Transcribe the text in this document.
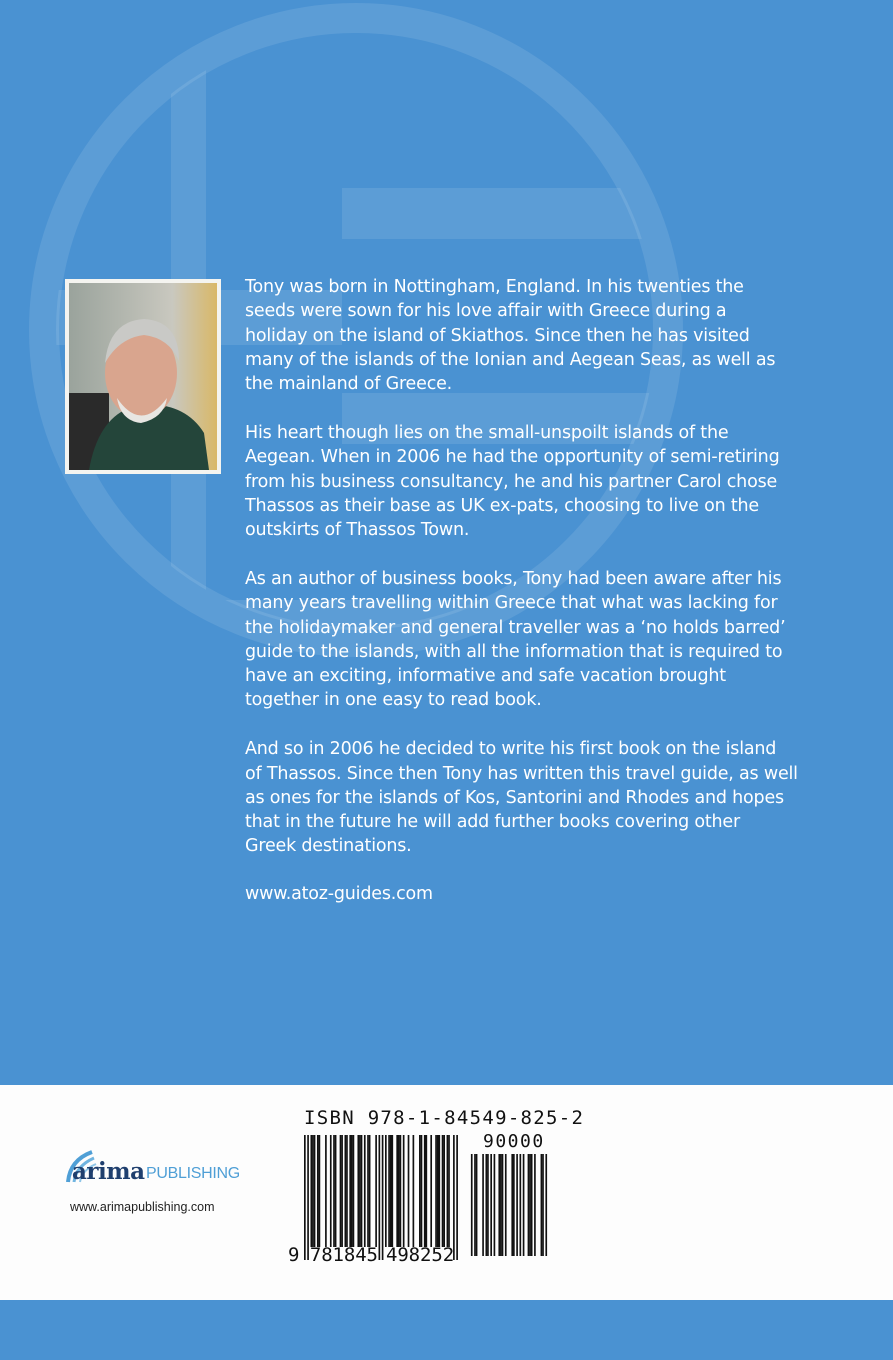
Tony was born in Nottingham, England. In his twenties the
seeds were sown for his love affair with Greece during a
holiday on the island of Skiathos. Since then he has visited
many of the islands of the Ionian and Aegean Seas, as well as
the mainland of Greece.

His heart though lies on the small-unspoilt islands of the
Aegean. When in 2006 he had the opportunity of semi-retiring
from his business consultancy, he and his partner Carol chose
Thassos as their base as UK ex-pats, choosing to live on the
outskirts of Thassos Town.

As an author of business books, Tony had been aware after his
many years travelling within Greece that what was lacking for
the holidaymaker and general traveller was a ‘no holds barred’
guide to the islands, with all the information that is required to
have an exciting, informative and safe vacation brought
together in one easy to read book.

And so in 2006 he decided to write his first book on the island
of Thassos. Since then Tony has written this travel guide, as well
as ones for the islands of Kos, Santorini and Rhodes and hopes
that in the future he will add further books covering other
Greek destinations.

www.atoz-guides.com
arima PUBLISHING
www.arimapublishing.com
ISBN 978-1-84549-825-2
90000
9 7 8 1 8 4 5 4 9 8 2 5 2
